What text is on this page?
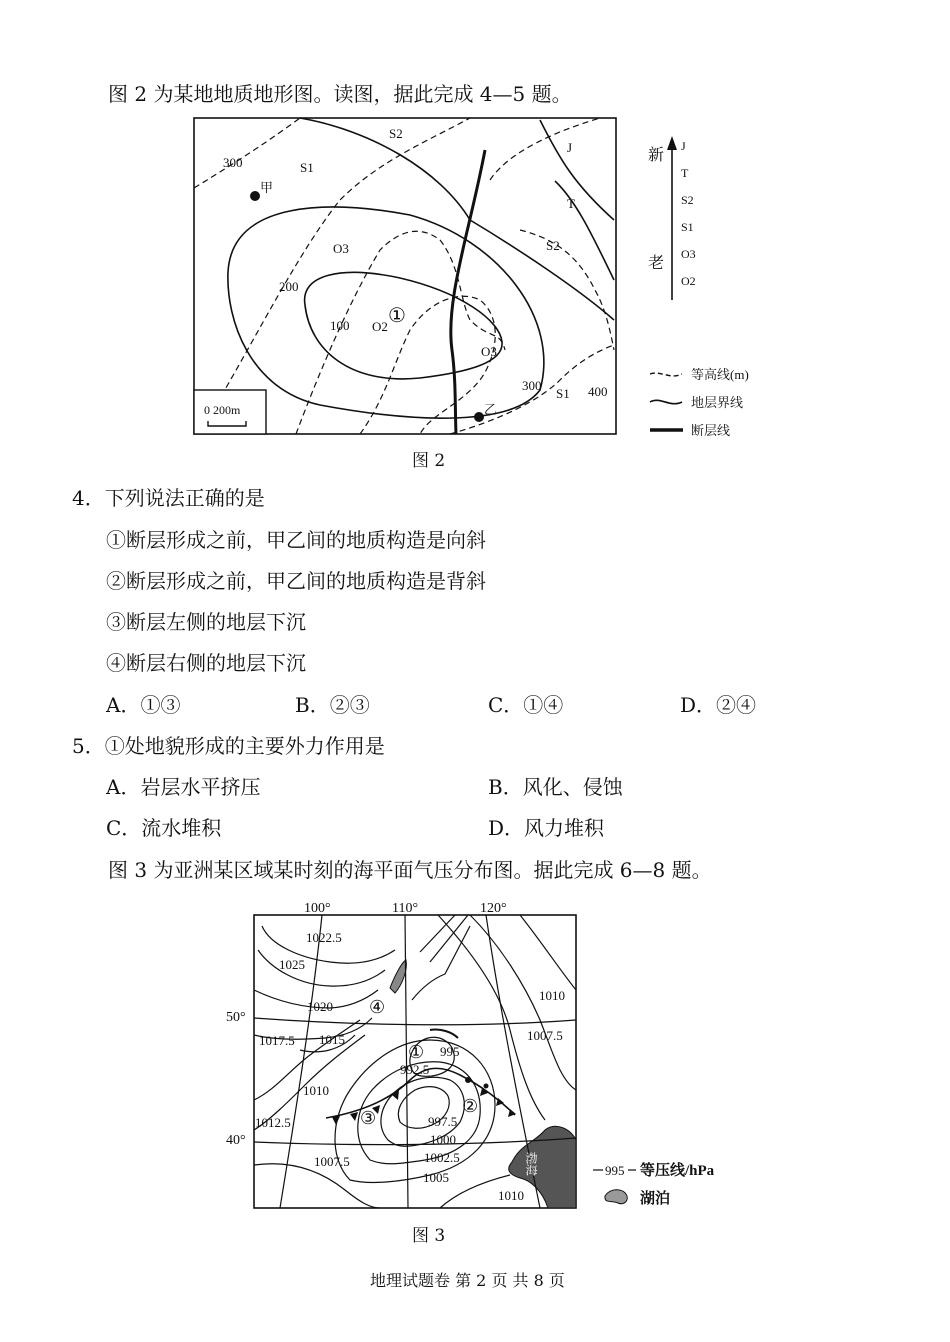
图 2 为某地地质地形图。读图，据此完成 4—5 题。
300
200
100
300	400
S2
S1
O3
O2
O3
S2
J
T
S1
甲
乙
①
0 200m
新
老
J
T
S2
S1
O3
O2
等高线(m)
地层界线
断层线
图 2
4．下列说法正确的是
①断层形成之前，甲乙间的地质构造是向斜
②断层形成之前，甲乙间的地质构造是背斜
③断层左侧的地层下沉
④断层右侧的地层下沉
A．①③	B．②③	C．①④	D．②④
5．①处地貌形成的主要外力作用是
A．岩层水平挤压	B．风化、侵蚀
C．流水堆积	D．风力堆积
图 3 为亚洲某区域某时刻的海平面气压分布图。据此完成 6—8 题。
100°	110°	120°
50°
40°
1022.5
1025
1020
1017.5 1015
1010
1012.5
1007.5
1010
1007.5
995
992.5
997.5
1000
1002.5
1005
1010
①
②
③
④
渤海	995 等压线/hPa
湖泊
图 3
地理试题卷 第 2 页 共 8 页
